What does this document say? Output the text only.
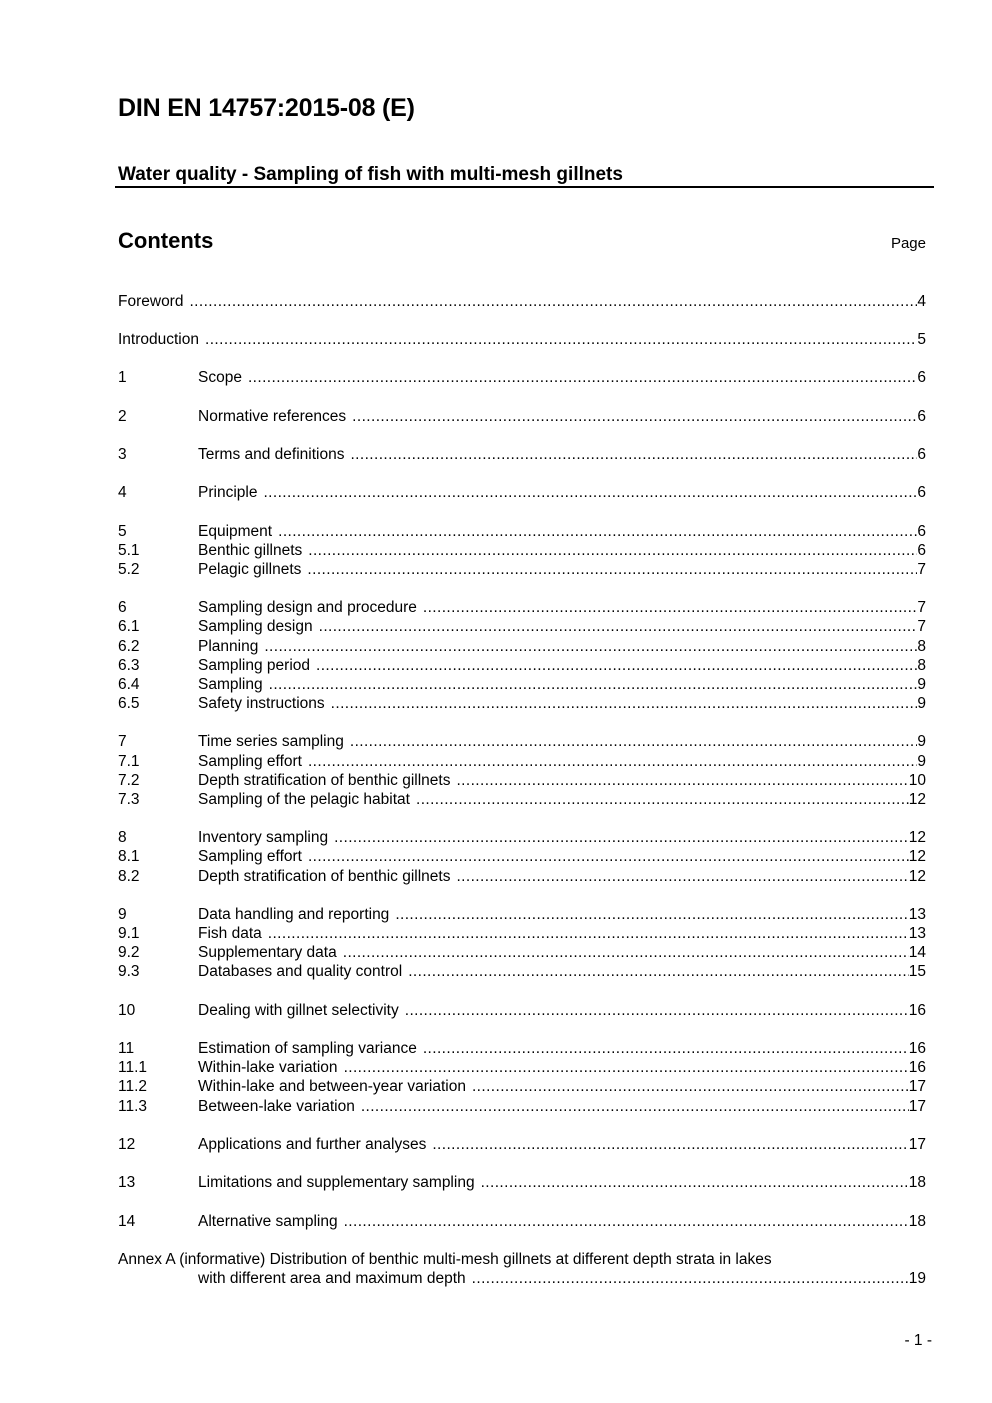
DIN EN 14757:2015-08 (E)
Water quality - Sampling of fish with multi-mesh gillnets
Contents	Page
Foreword .....	4
Introduction .....	5
1	Scope .....	6
2	Normative references .....	6
3	Terms and definitions .....	6
4	Principle .....	6
5	Equipment .....	6
5.1	Benthic gillnets .....	6
5.2	Pelagic gillnets .....	7
6	Sampling design and procedure .....	7
6.1	Sampling design .....	7
6.2	Planning .....	8
6.3	Sampling period .....	8
6.4	Sampling .....	9
6.5	Safety instructions .....	9
7	Time series sampling .....	9
7.1	Sampling effort .....	9
7.2	Depth stratification of benthic gillnets .....	10
7.3	Sampling of the pelagic habitat .....	12
8	Inventory sampling .....	12
8.1	Sampling effort .....	12
8.2	Depth stratification of benthic gillnets .....	12
9	Data handling and reporting .....	13
9.1	Fish data .....	13
9.2	Supplementary data .....	14
9.3	Databases and quality control .....	15
10	Dealing with gillnet selectivity .....	16
11	Estimation of sampling variance .....	16
11.1	Within-lake variation .....	16
11.2	Within-lake and between-year variation .....	17
11.3	Between-lake variation .....	17
12	Applications and further analyses .....	17
13	Limitations and supplementary sampling .....	18
14	Alternative sampling .....	18
Annex A (informative) Distribution of benthic multi-mesh gillnets at different depth strata in lakes
with different area and maximum depth .....	19
- 1 -
